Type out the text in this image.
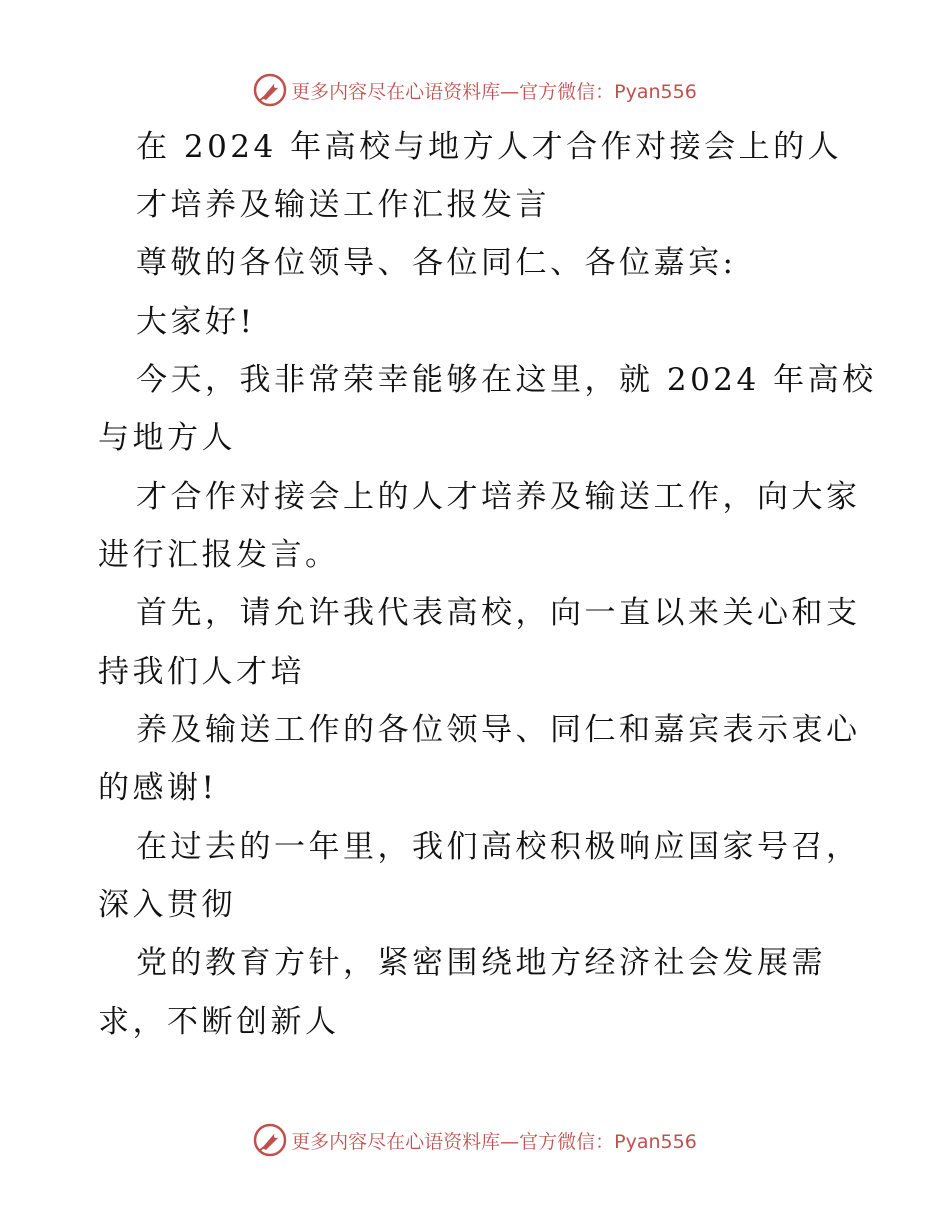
更多内容尽在心语资料库—官方微信：Pyan556
在 2024 年高校与地方人才合作对接会上的人
才培养及输送工作汇报发言
尊敬的各位领导、各位同仁、各位嘉宾:
大家好!
今天，我非常荣幸能够在这里，就 2024 年高校
与地方人
才合作对接会上的人才培养及输送工作，向大家
进行汇报发言。
首先，请允许我代表高校，向一直以来关心和支
持我们人才培
养及输送工作的各位领导、同仁和嘉宾表示衷心
的感谢!
在过去的一年里，我们高校积极响应国家号召，
深入贯彻
党的教育方针，紧密围绕地方经济社会发展需
求，不断创新人
更多内容尽在心语资料库—官方微信：Pyan556
